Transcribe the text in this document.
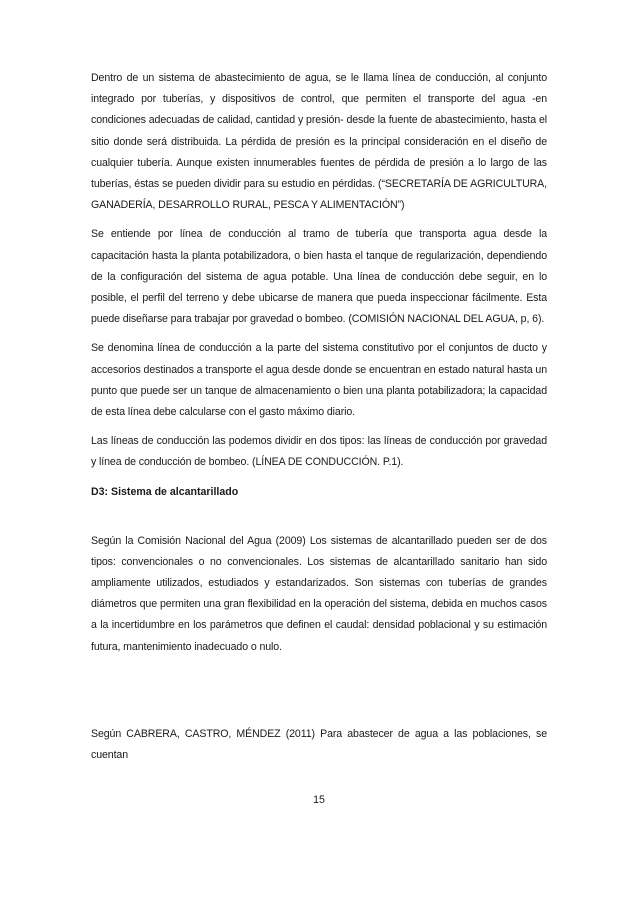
Dentro de un sistema de abastecimiento de agua, se le llama línea de conducción, al conjunto integrado por tuberías, y dispositivos de control, que permiten el transporte del agua -en condiciones adecuadas de calidad, cantidad y presión- desde la fuente de abastecimiento, hasta el sitio donde será distribuida. La pérdida de presión es la principal consideración en el diseño de cualquier tubería. Aunque existen innumerables fuentes de pérdida de presión a lo largo de las tuberías, éstas se pueden dividir para su estudio en pérdidas. (“SECRETARÍA DE AGRICULTURA, GANADERÍA, DESARROLLO RURAL, PESCA Y ALIMENTACIÓN”)

Se entiende por línea de conducción al tramo de tubería que transporta agua desde la capacitación hasta la planta potabilizadora, o bien hasta el tanque de regularización, dependiendo de la configuración del sistema de agua potable. Una línea de conducción debe seguir, en lo posible, el perfil del terreno y debe ubicarse de manera que pueda inspeccionar fácilmente. Esta puede diseñarse para trabajar por gravedad o bombeo. (COMISIÓN NACIONAL DEL AGUA, p, 6).

Se denomina línea de conducción a la parte del sistema constitutivo por el conjuntos de ducto y accesorios destinados a transporte el agua desde donde se encuentran en estado natural hasta un punto que puede ser un tanque de almacenamiento o bien una planta potabilizadora; la capacidad de esta línea debe calcularse con el gasto máximo diario.

Las líneas de conducción las podemos dividir en dos tipos: las líneas de conducción por gravedad y línea de conducción de bombeo. (LÍNEA DE CONDUCCIÓN. P.1).

D3: Sistema de alcantarillado

Según la Comisión Nacional del Agua (2009) Los sistemas de alcantarillado pueden ser de dos tipos: convencionales o no convencionales. Los sistemas de alcantarillado sanitario han sido ampliamente utilizados, estudiados y estandarizados. Son sistemas con tuberías de grandes diámetros que permiten una gran flexibilidad en la operación del sistema, debida en muchos casos a la incertidumbre en los parámetros que definen el caudal: densidad poblacional y su estimación futura, mantenimiento inadecuado o nulo.

Según CABRERA, CASTRO, MÉNDEZ (2011) Para abastecer de agua a las poblaciones, se cuentan

15
